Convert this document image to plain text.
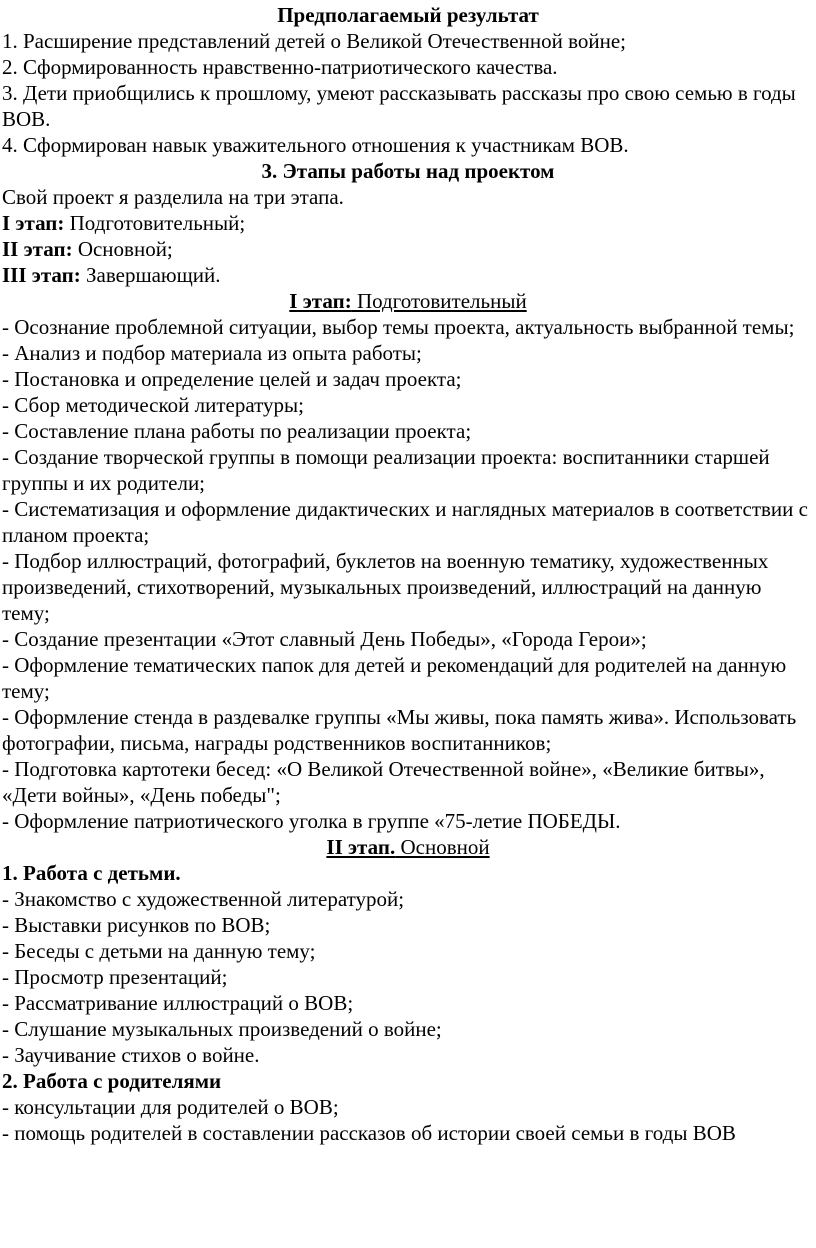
Предполагаемый результат

1. Расширение представлений детей о Великой Отечественной войне;

2. Сформированность нравственно-патриотического качества.

3. Дети приобщились к прошлому, умеют рассказывать рассказы про свою семью в годы ВОВ.

4. Сформирован навык уважительного отношения к участникам ВОВ.

3. Этапы работы над проектом

Свой проект я разделила на три этапа.

I этап: Подготовительный;

II этап: Основной;

III этап: Завершающий.

I этап: Подготовительный

- Осознание проблемной ситуации, выбор темы проекта, актуальность выбранной темы;

- Анализ и подбор материала из опыта работы;

- Постановка и определение целей и задач проекта;

- Сбор методической литературы;

- Составление плана работы по реализации проекта;

- Создание творческой группы в помощи реализации проекта: воспитанники старшей группы и их родители;

- Систематизация и оформление дидактических и наглядных материалов в соответствии с планом проекта;

- Подбор иллюстраций, фотографий, буклетов на военную тематику, художественных произведений, стихотворений, музыкальных произведений, иллюстраций на данную тему;

- Создание презентации «Этот славный День Победы», «Города Герои»;

- Оформление тематических папок для детей и рекомендаций для родителей на данную тему;

- Оформление стенда в раздевалке группы «Мы живы, пока память жива». Использовать фотографии, письма, награды родственников воспитанников;

- Подготовка картотеки бесед: «О Великой Отечественной войне», «Великие битвы», «Дети войны», «День победы";

- Оформление патриотического уголка в группе «75-летие ПОБЕДЫ.

II этап. Основной

1. Работа с детьми.

- Знакомство с художественной литературой;

- Выставки рисунков по ВОВ;

- Беседы с детьми на данную тему;

- Просмотр презентаций;

- Рассматривание иллюстраций о ВОВ;

- Слушание музыкальных произведений о войне;

- Заучивание стихов о войне.

2. Работа с родителями

- консультации для родителей о ВОВ;

- помощь родителей в составлении рассказов об истории своей семьи в годы ВОВ
